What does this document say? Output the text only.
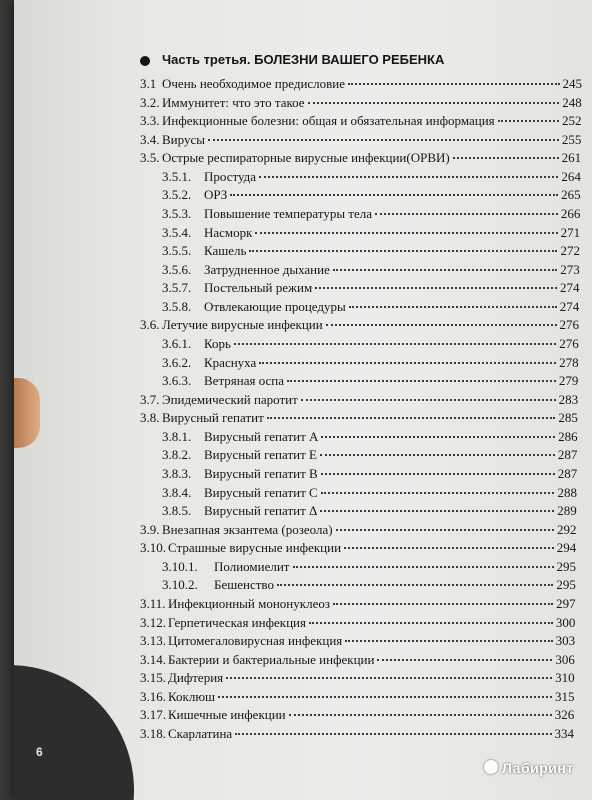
Часть третья. БОЛЕЗНИ ВАШЕГО РЕБЕНКА
3.1 Очень необходимое предисловие	245
3.2. Иммунитет: что это такое	248
3.3. Инфекционные болезни: общая и обязательная информация	252
3.4. Вирусы	255
3.5. Острые респираторные вирусные инфекции(ОРВИ)	261
3.5.1. Простуда	264
3.5.2. ОРЗ	265
3.5.3. Повышение температуры тела	266
3.5.4. Насморк	271
3.5.5. Кашель	272
3.5.6. Затрудненное дыхание	273
3.5.7. Постельный режим	274
3.5.8. Отвлекающие процедуры	274
3.6. Летучие вирусные инфекции	276
3.6.1. Корь	276
3.6.2. Краснуха	278
3.6.3. Ветряная оспа	279
3.7. Эпидемический паротит	283
3.8. Вирусный гепатит	285
3.8.1. Вирусный гепатит А	286
3.8.2. Вирусный гепатит Е	287
3.8.3. Вирусный гепатит В	287
3.8.4. Вирусный гепатит С	288
3.8.5. Вирусный гепатит Δ	289
3.9. Внезапная экзантема (розеола)	292
3.10. Страшные вирусные инфекции	294
3.10.1.	Полиомиелит	295
3.10.2.	Бешенство	295
3.11. Инфекционный мононуклеоз	297
3.12. Герпетическая инфекция	300
3.13. Цитомегаловирусная инфекция	303
3.14. Бактерии и бактериальные инфекции	306
3.15. Дифтерия	310
3.16. Коклюш	315
3.17. Кишечные инфекции	326
3.18. Скарлатина	334
6
Лабиринт
